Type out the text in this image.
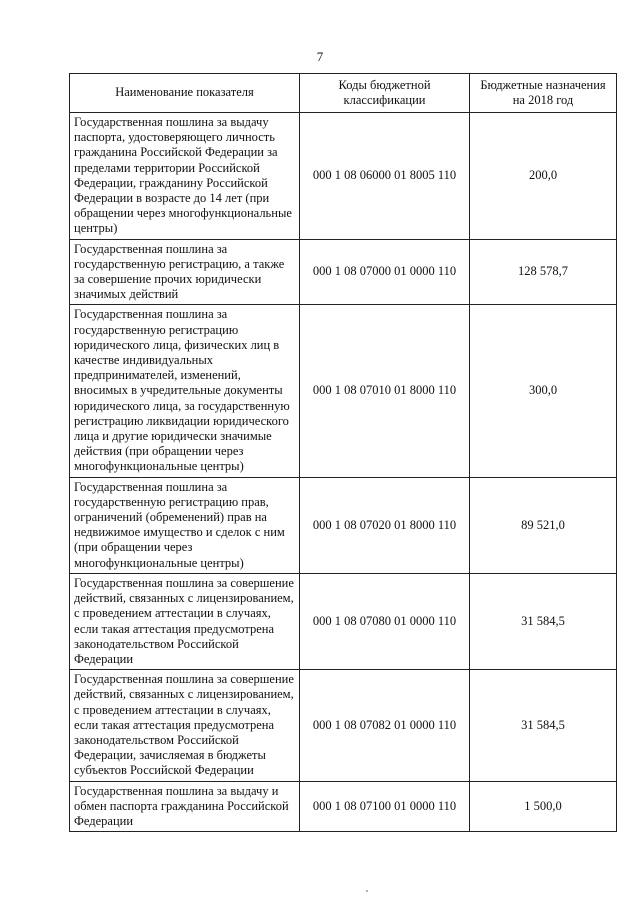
7
Наименование показателя	Коды бюджетной классификации	Бюджетные назначения на 2018 год
Государственная пошлина за выдачу паспорта, удостоверяющего личность гражданина Российской Федерации за пределами территории Российской Федерации, гражданину Российской Федерации в возрасте до 14 лет (при обращении через многофункциональные центры)	000 1 08 06000 01 8005 110	200,0
Государственная пошлина за государственную регистрацию, а также за совершение прочих юридически значимых действий	000 1 08 07000 01 0000 110	128 578,7
Государственная пошлина за государственную регистрацию юридического лица, физических лиц в качестве индивидуальных предпринимателей, изменений, вносимых в учредительные документы юридического лица, за государственную регистрацию ликвидации юридического лица и другие юридически значимые действия (при обращении через многофункциональные центры)	000 1 08 07010 01 8000 110	300,0
Государственная пошлина за государственную регистрацию прав, ограничений (обременений) прав на недвижимое имущество и сделок с ним (при обращении через многофункциональные центры)	000 1 08 07020 01 8000 110	89 521,0
Государственная пошлина за совершение действий, связанных с лицензированием, с проведением аттестации в случаях, если такая аттестация предусмотрена законодательством Российской Федерации	000 1 08 07080 01 0000 110	31 584,5
Государственная пошлина за совершение действий, связанных с лицензированием, с проведением аттестации в случаях, если такая аттестация предусмотрена законодательством Российской Федерации, зачисляемая в бюджеты субъектов Российской Федерации	000 1 08 07082 01 0000 110	31 584,5
Государственная пошлина за выдачу и обмен паспорта гражданина Российской Федерации	000 1 08 07100 01 0000 110	1 500,0
